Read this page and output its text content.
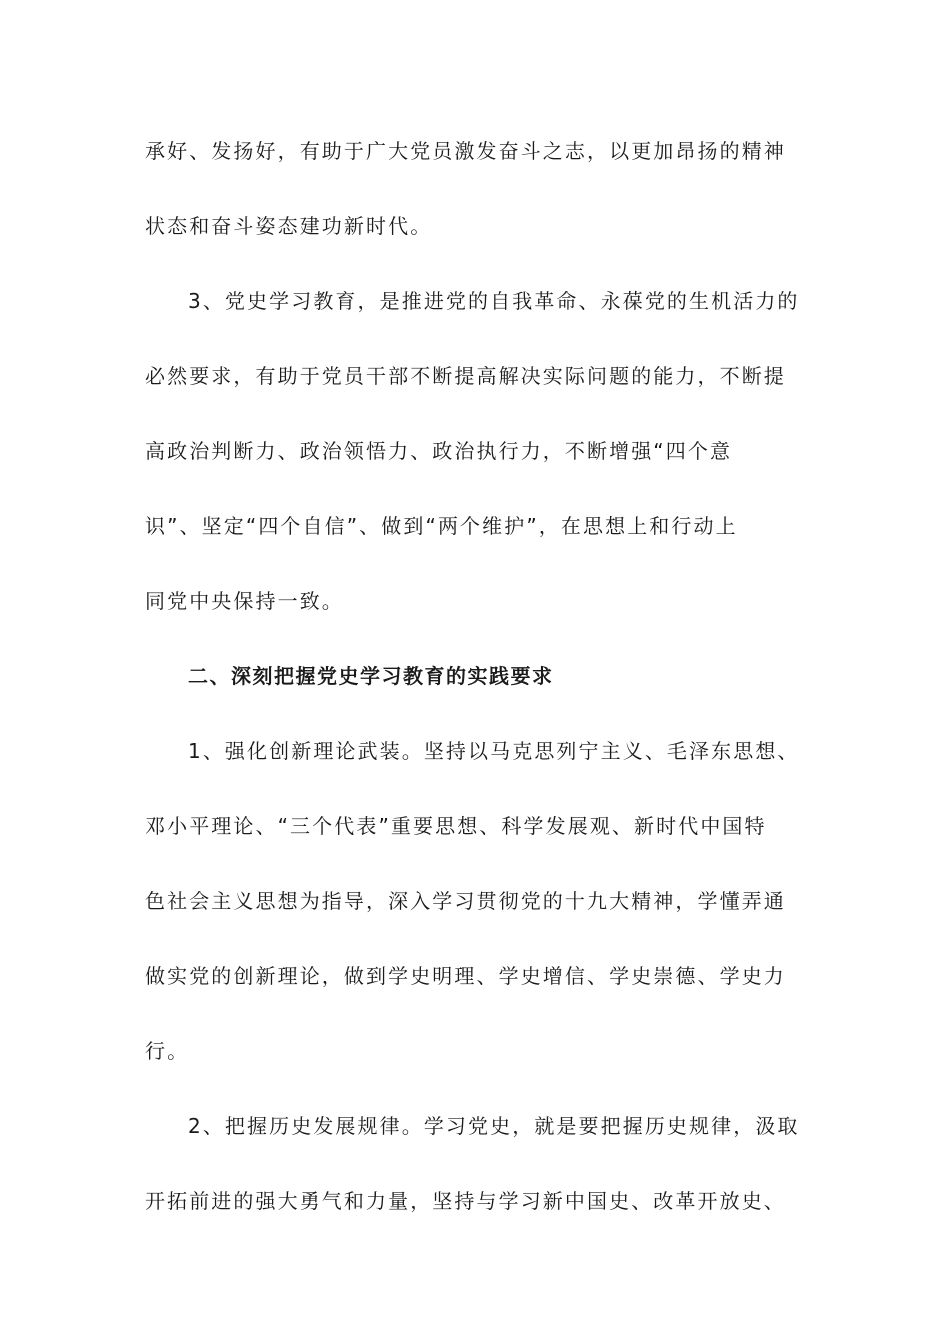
承好、发扬好，有助于广大党员激发奋斗之志，以更加昂扬的精神
状态和奋斗姿态建功新时代。
3、党史学习教育，是推进党的自我革命、永葆党的生机活力的
必然要求，有助于党员干部不断提高解决实际问题的能力，不断提
高政治判断力、政治领悟力、政治执行力，不断增强“四个意
识”、坚定“四个自信”、做到“两个维护”，在思想上和行动上
同党中央保持一致。
二、深刻把握党史学习教育的实践要求
1、强化创新理论武装。坚持以马克思列宁主义、毛泽东思想、
邓小平理论、“三个代表”重要思想、科学发展观、新时代中国特
色社会主义思想为指导，深入学习贯彻党的十九大精神，学懂弄通
做实党的创新理论，做到学史明理、学史增信、学史崇德、学史力
行。
2、把握历史发展规律。学习党史，就是要把握历史规律，汲取
开拓前进的强大勇气和力量，坚持与学习新中国史、改革开放史、
